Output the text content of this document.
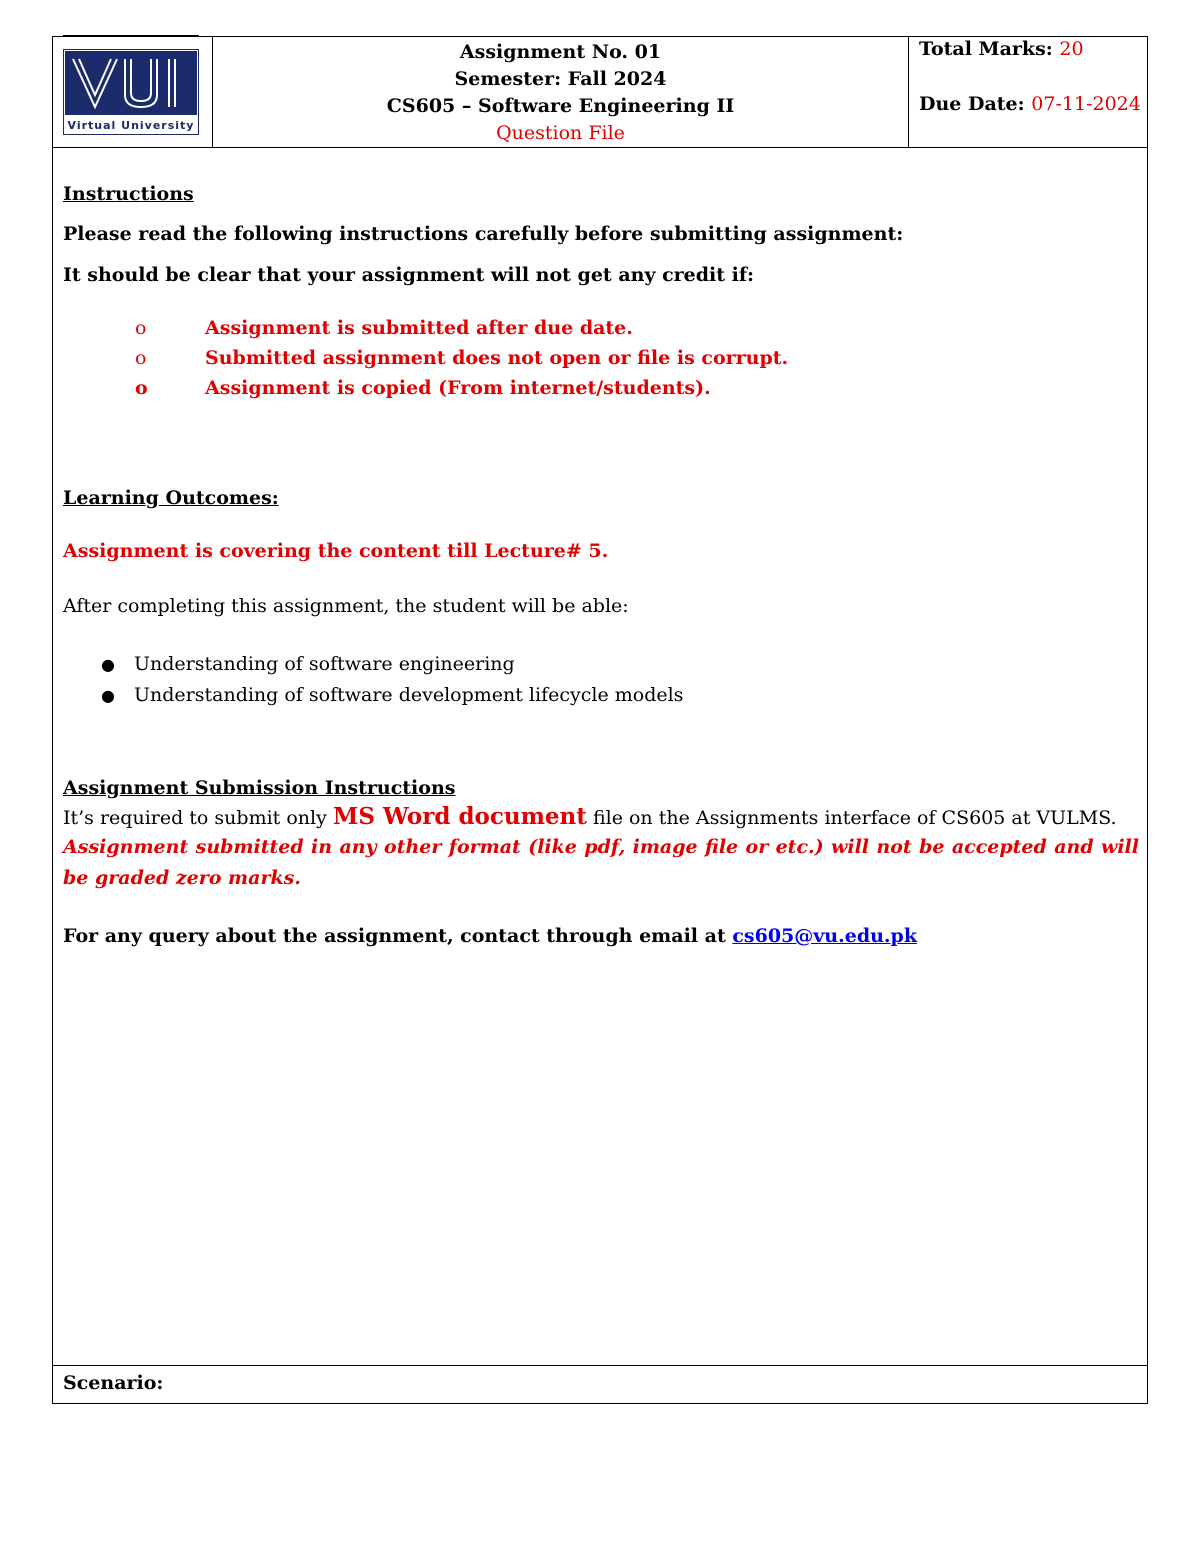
Virtual University
Assignment No. 01
Semester: Fall 2024
CS605 – Software Engineering II
Question File
Total Marks: 20
Due Date: 07-11-2024
Instructions
Please read the following instructions carefully before submitting assignment:
It should be clear that your assignment will not get any credit if:
o	Assignment is submitted after due date.
o	Submitted assignment does not open or file is corrupt.
o	Assignment is copied (From internet/students).
Learning Outcomes:
Assignment is covering the content till Lecture# 5.
After completing this assignment, the student will be able:
● Understanding of software engineering
● Understanding of software development lifecycle models
Assignment Submission Instructions
It’s required to submit only MS Word document file on the Assignments interface of CS605 at VULMS.
Assignment submitted in any other format (like pdf, image file or etc.) will not be accepted and will be graded zero marks.
For any query about the assignment, contact through email at cs605@vu.edu.pk
Scenario:
